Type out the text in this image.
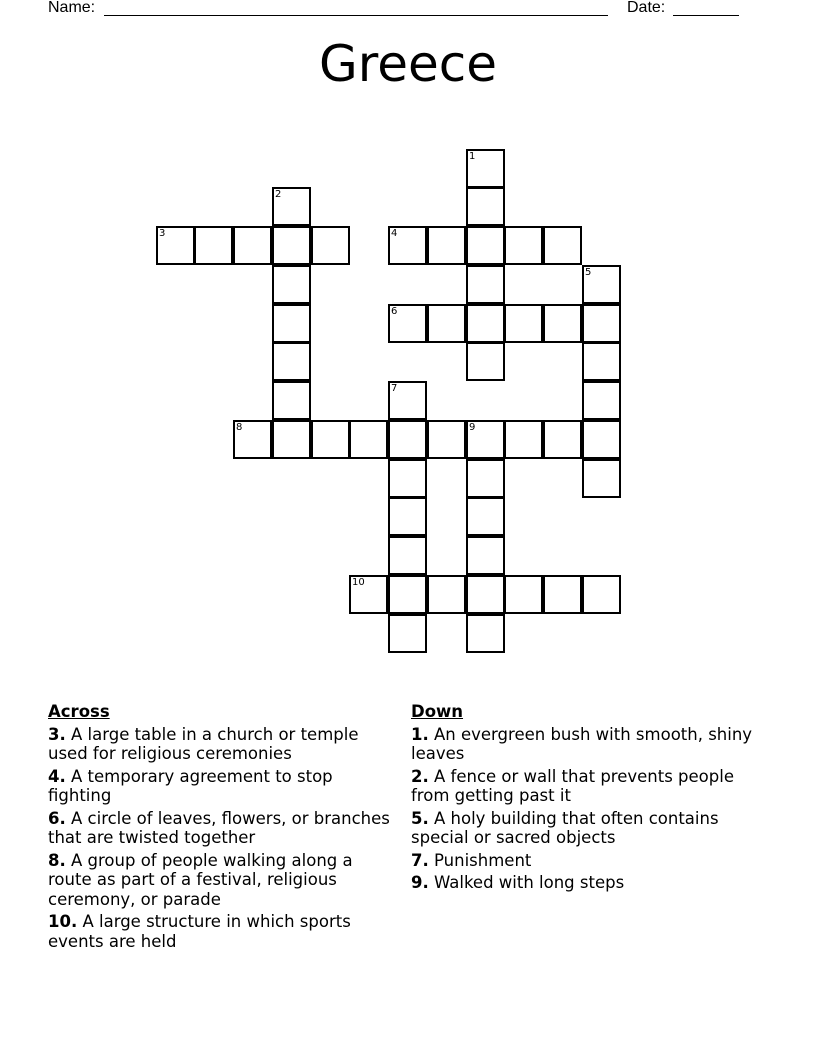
Name:	Date:
Greece
1
2
3	4
5
6
7
8	9
10
Across
3. A large table in a church or temple used for religious ceremonies
4. A temporary agreement to stop fighting
6. A circle of leaves, flowers, or branches that are twisted together
8. A group of people walking along a route as part of a festival, religious ceremony, or parade
10. A large structure in which sports events are held
Down
1. An evergreen bush with smooth, shiny leaves
2. A fence or wall that prevents people from getting past it
5. A holy building that often contains special or sacred objects
7. Punishment
9. Walked with long steps
